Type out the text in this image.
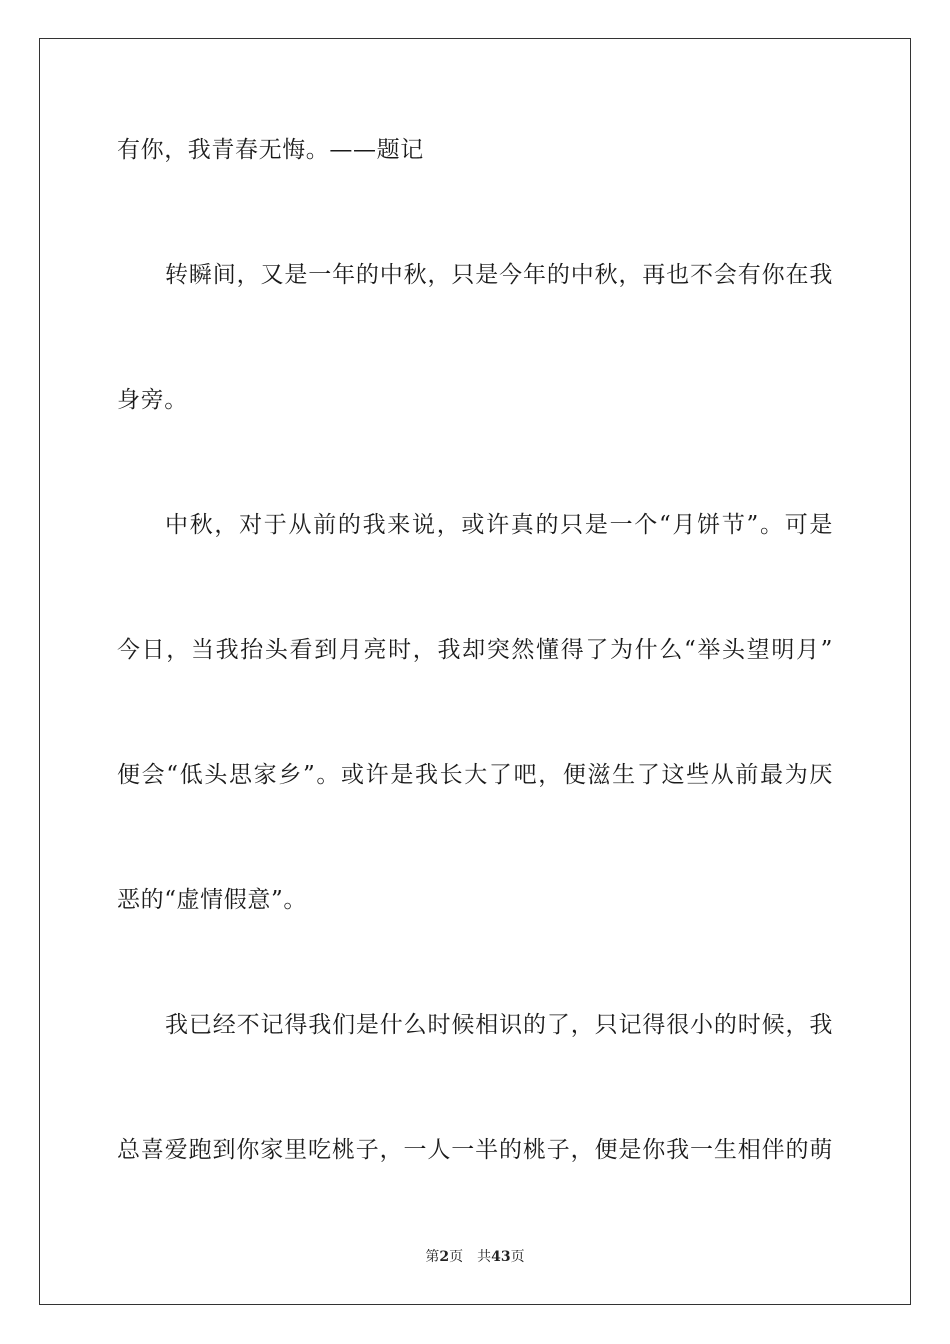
有你，我青春无悔。——题记
转瞬间，又是一年的中秋，只是今年的中秋，再也不会有你在我
身旁。
中秋，对于从前的我来说，或许真的只是一个“月饼节”。可是
今日，当我抬头看到月亮时，我却突然懂得了为什么“举头望明月”
便会“低头思家乡”。或许是我长大了吧，便滋生了这些从前最为厌
恶的“虚情假意”。
我已经不记得我们是什么时候相识的了，只记得很小的时候，我
总喜爱跑到你家里吃桃子，一人一半的桃子，便是你我一生相伴的萌
第2页 共43页
